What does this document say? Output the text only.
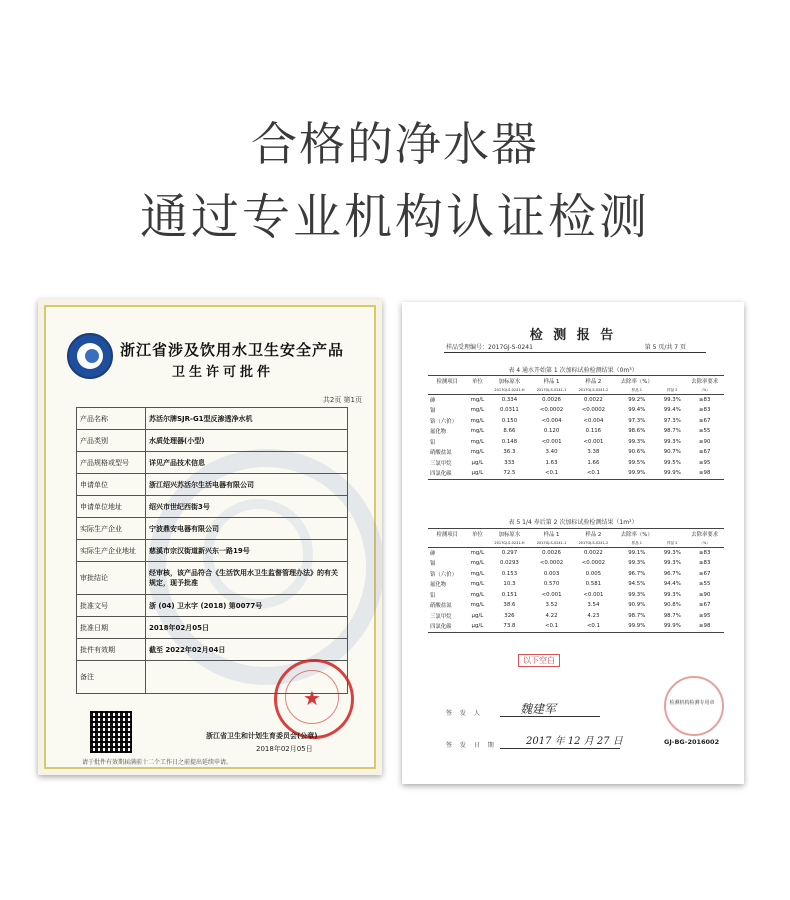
合格的净水器
通过专业机构认证检测
浙江省涉及饮用水卫生安全产品
卫生许可批件
共2页 第1页
产品名称	苏活尔牌SJR-G1型反渗透净水机
产品类别	水质处理器(小型)
产品规格或型号	详见产品技术信息
申请单位	浙江绍兴苏活尔生活电器有限公司
申请单位地址	绍兴市世纪西街3号
实际生产企业	宁波鼎安电器有限公司
实际生产企业地址	慈溪市宗汉街道新兴东一路19号
审批结论	经审核，该产品符合《生活饮用水卫生监督管理办法》的有关规定，现予批准
批准文号	浙 (04) 卫水字 (2018) 第0077号
批准日期	2018年02月05日
批件有效期	截至 2022年02月04日
备注	
★
浙江省卫生和计划生育委员会(公章)
2018年02月05日
请于批件有效期届满前十二个工作日之前提出延续申请。
检 测 报 告
样品受理编号：2017GJ-S-0241	第 5 页/共 7 页
表 4 通水开始第 1 次加标试验检测结果（0m³）
检测项目	单位	加标原水	样品 1	样品 2	去除率（%）		去除率要求
		2017GJ-S-0241-H	2017GJ-S-0241-1	2017GJ-S-0241-2	样品 1	样品 2	（%）
砷	mg/L	0.334	0.0026	0.0022	99.2%	99.3%	≥83
镉	mg/L	0.0311	<0.0002	<0.0002	99.4%	99.4%	≥83
铬（六价）	mg/L	0.150	<0.004	<0.004	97.3%	97.3%	≥67
氟化物	mg/L	8.66	0.120	0.116	98.6%	98.7%	≥55
铅	mg/L	0.148	<0.001	<0.001	99.3%	99.3%	≥90
硝酸盐氮	mg/L	36.3	3.40	3.38	90.6%	90.7%	≥67
三氯甲烷	μg/L	333	1.63	1.66	99.5%	99.5%	≥95
四氯化碳	μg/L	72.5	<0.1	<0.1	99.9%	99.9%	≥98
表 5 1/4 寿后第 2 次加标试验检测结果（1m³）
检测项目	单位	加标原水	样品 1	样品 2	去除率（%）		去除率要求
		2017GJ-S-0241-H	2017GJ-S-0241-1	2017GJ-S-0241-2	样品 1	样品 2	（%）
砷	mg/L	0.297	0.0026	0.0022	99.1%	99.3%	≥83
镉	mg/L	0.0293	<0.0002	<0.0002	99.3%	99.3%	≥83
铬（六价）	mg/L	0.153	0.003	0.005	96.7%	96.7%	≥67
氟化物	mg/L	10.3	0.570	0.581	94.5%	94.4%	≥55
铅	mg/L	0.151	<0.001	<0.001	99.3%	99.3%	≥90
硝酸盐氮	mg/L	38.6	3.52	3.54	90.9%	90.8%	≥67
三氯甲烷	μg/L	326	4.22	4.23	98.7%	98.7%	≥95
四氯化碳	μg/L	73.8	<0.1	<0.1	99.9%	99.9%	≥98
以下空白
签 发 人	魏建军
签 发 日 期	2017 年 12 月 27 日
检测机构检测专用章
GJ-BG-2016002
